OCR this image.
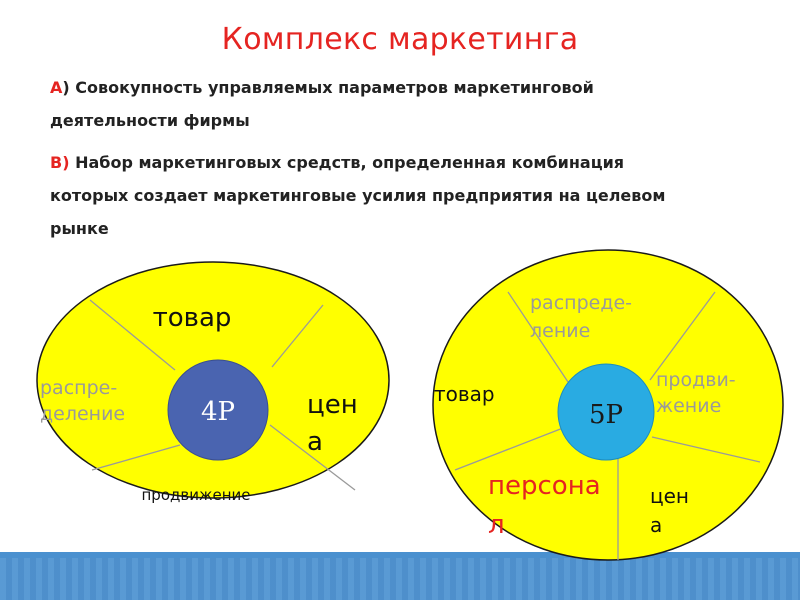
Комплекс маркетинга
А) Совокупность управляемых параметров маркетинговой
деятельности фирмы
В) Набор маркетинговых средств, определенная комбинация
которых создает маркетинговые усилия предприятия на целевом
рынке
4P
товар
цен
а
продвижение
распре-
деление	5P
распреде-
ление
продви-
жение
товар
цен
а
персона
л
